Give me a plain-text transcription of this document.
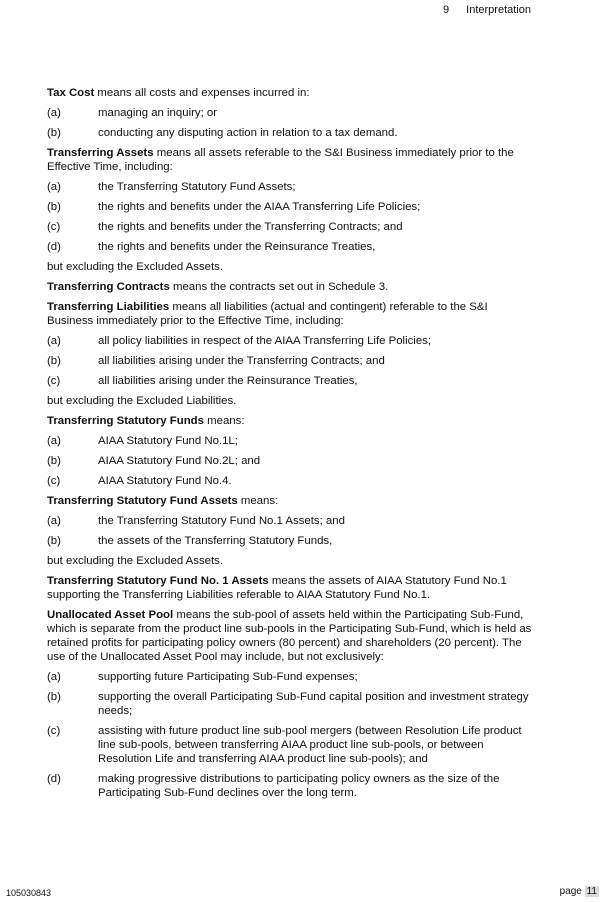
9 Interpretation

Tax Cost means all costs and expenses incurred in:

(a)	managing an inquiry; or
(b)	conducting any disputing action in relation to a tax demand.

Transferring Assets means all assets referable to the S&I Business immediately prior to the Effective Time, including:

(a)	the Transferring Statutory Fund Assets;
(b)	the rights and benefits under the AIAA Transferring Life Policies;
(c)	the rights and benefits under the Transferring Contracts; and
(d)	the rights and benefits under the Reinsurance Treaties,

but excluding the Excluded Assets.

Transferring Contracts means the contracts set out in Schedule 3.

Transferring Liabilities means all liabilities (actual and contingent) referable to the S&I Business immediately prior to the Effective Time, including:

(a)	all policy liabilities in respect of the AIAA Transferring Life Policies;
(b)	all liabilities arising under the Transferring Contracts; and
(c)	all liabilities arising under the Reinsurance Treaties,

but excluding the Excluded Liabilities.

Transferring Statutory Funds means:

(a)	AIAA Statutory Fund No.1L;
(b)	AIAA Statutory Fund No.2L; and
(c)	AIAA Statutory Fund No.4.

Transferring Statutory Fund Assets means:

(a)	the Transferring Statutory Fund No.1 Assets; and
(b)	the assets of the Transferring Statutory Funds,

but excluding the Excluded Assets.

Transferring Statutory Fund No. 1 Assets means the assets of AIAA Statutory Fund No.1 supporting the Transferring Liabilities referable to AIAA Statutory Fund No.1.

Unallocated Asset Pool means the sub-pool of assets held within the Participating Sub-Fund, which is separate from the product line sub-pools in the Participating Sub-Fund, which is held as retained profits for participating policy owners (80 percent) and shareholders (20 percent). The use of the Unallocated Asset Pool may include, but not exclusively:

(a)	supporting future Participating Sub-Fund expenses;
(b)	supporting the overall Participating Sub-Fund capital position and investment strategy needs;
(c)	assisting with future product line sub-pool mergers (between Resolution Life product line sub-pools, between transferring AIAA product line sub-pools, or between Resolution Life and transferring AIAA product line sub-pools); and
(d)	making progressive distributions to participating policy owners as the size of the Participating Sub-Fund declines over the long term.
105030843	page 11
